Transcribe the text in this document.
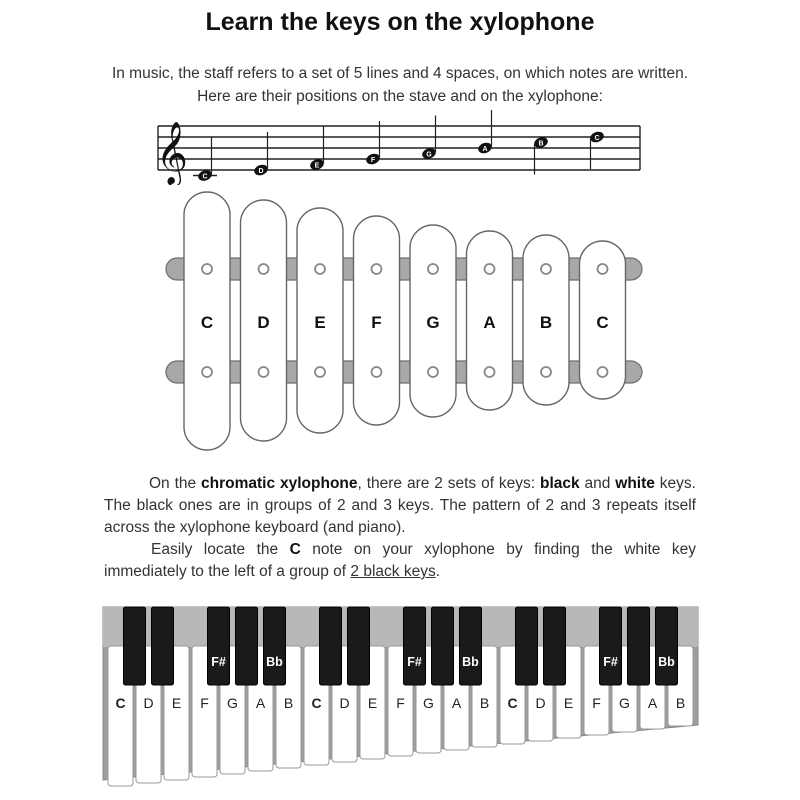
Learn the keys on the xylophone

In music, the staff refers to a set of 5 lines and 4 spaces, on which notes are written.

Here are their positions on the stave and on the xylophone:

𝄞 C
D
E
F
G
A
B
C
C	D	E	F	G	A	B	C

On the chromatic xylophone, there are 2 sets of keys: black and white keys. The black ones are in groups of 2 and 3 keys. The pattern of 2 and 3 repeats itself across the xylophone keyboard (and piano).

Easily locate the C note on your xylophone by finding the white key immediately to the left of a group of 2 black keys.

C D E F G A B C D E F G A B C D E F G A B
F#	Bb	F#	Bb	F#	Bb
